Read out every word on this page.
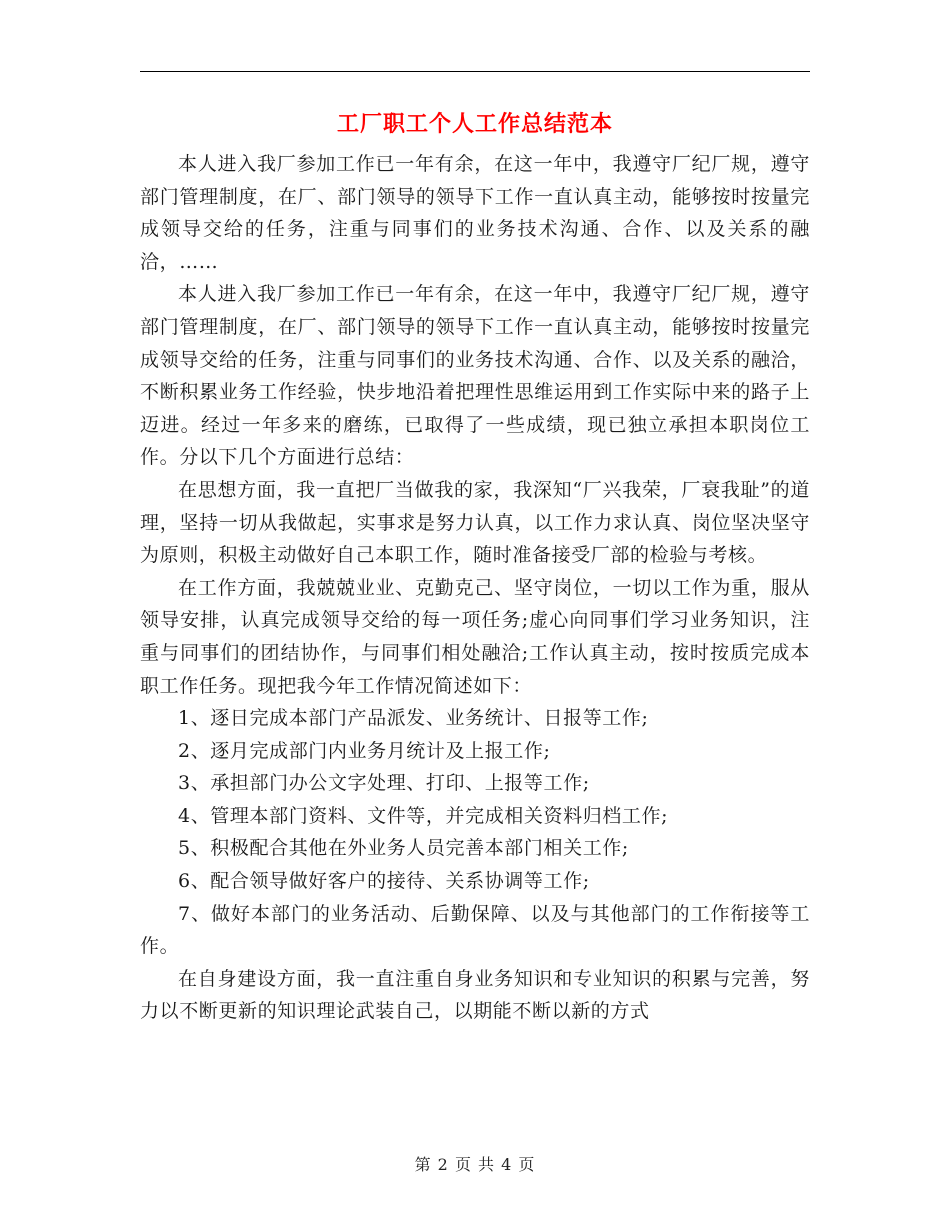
工厂职工个人工作总结范本

本人进入我厂参加工作已一年有余，在这一年中，我遵守厂纪厂规，遵守部门管理制度，在厂、部门领导的领导下工作一直认真主动，能够按时按量完成领导交给的任务，注重与同事们的业务技术沟通、合作、以及关系的融洽，……

本人进入我厂参加工作已一年有余，在这一年中，我遵守厂纪厂规，遵守部门管理制度，在厂、部门领导的领导下工作一直认真主动，能够按时按量完成领导交给的任务，注重与同事们的业务技术沟通、合作、以及关系的融洽，不断积累业务工作经验，快步地沿着把理性思维运用到工作实际中来的路子上迈进。经过一年多来的磨练，已取得了一些成绩，现已独立承担本职岗位工作。分以下几个方面进行总结：

在思想方面，我一直把厂当做我的家，我深知“厂兴我荣，厂衰我耻”的道理，坚持一切从我做起，实事求是努力认真，以工作力求认真、岗位坚决坚守为原则，积极主动做好自己本职工作，随时准备接受厂部的检验与考核。

在工作方面，我兢兢业业、克勤克己、坚守岗位，一切以工作为重，服从领导安排，认真完成领导交给的每一项任务;虚心向同事们学习业务知识，注重与同事们的团结协作，与同事们相处融洽;工作认真主动，按时按质完成本职工作任务。现把我今年工作情况简述如下：

1、逐日完成本部门产品派发、业务统计、日报等工作;

2、逐月完成部门内业务月统计及上报工作;

3、承担部门办公文字处理、打印、上报等工作;

4、管理本部门资料、文件等，并完成相关资料归档工作;

5、积极配合其他在外业务人员完善本部门相关工作;

6、配合领导做好客户的接待、关系协调等工作;

7、做好本部门的业务活动、后勤保障、以及与其他部门的工作衔接等工作。

在自身建设方面，我一直注重自身业务知识和专业知识的积累与完善，努力以不断更新的知识理论武装自己，以期能不断以新的方式

第 2 页 共 4 页
